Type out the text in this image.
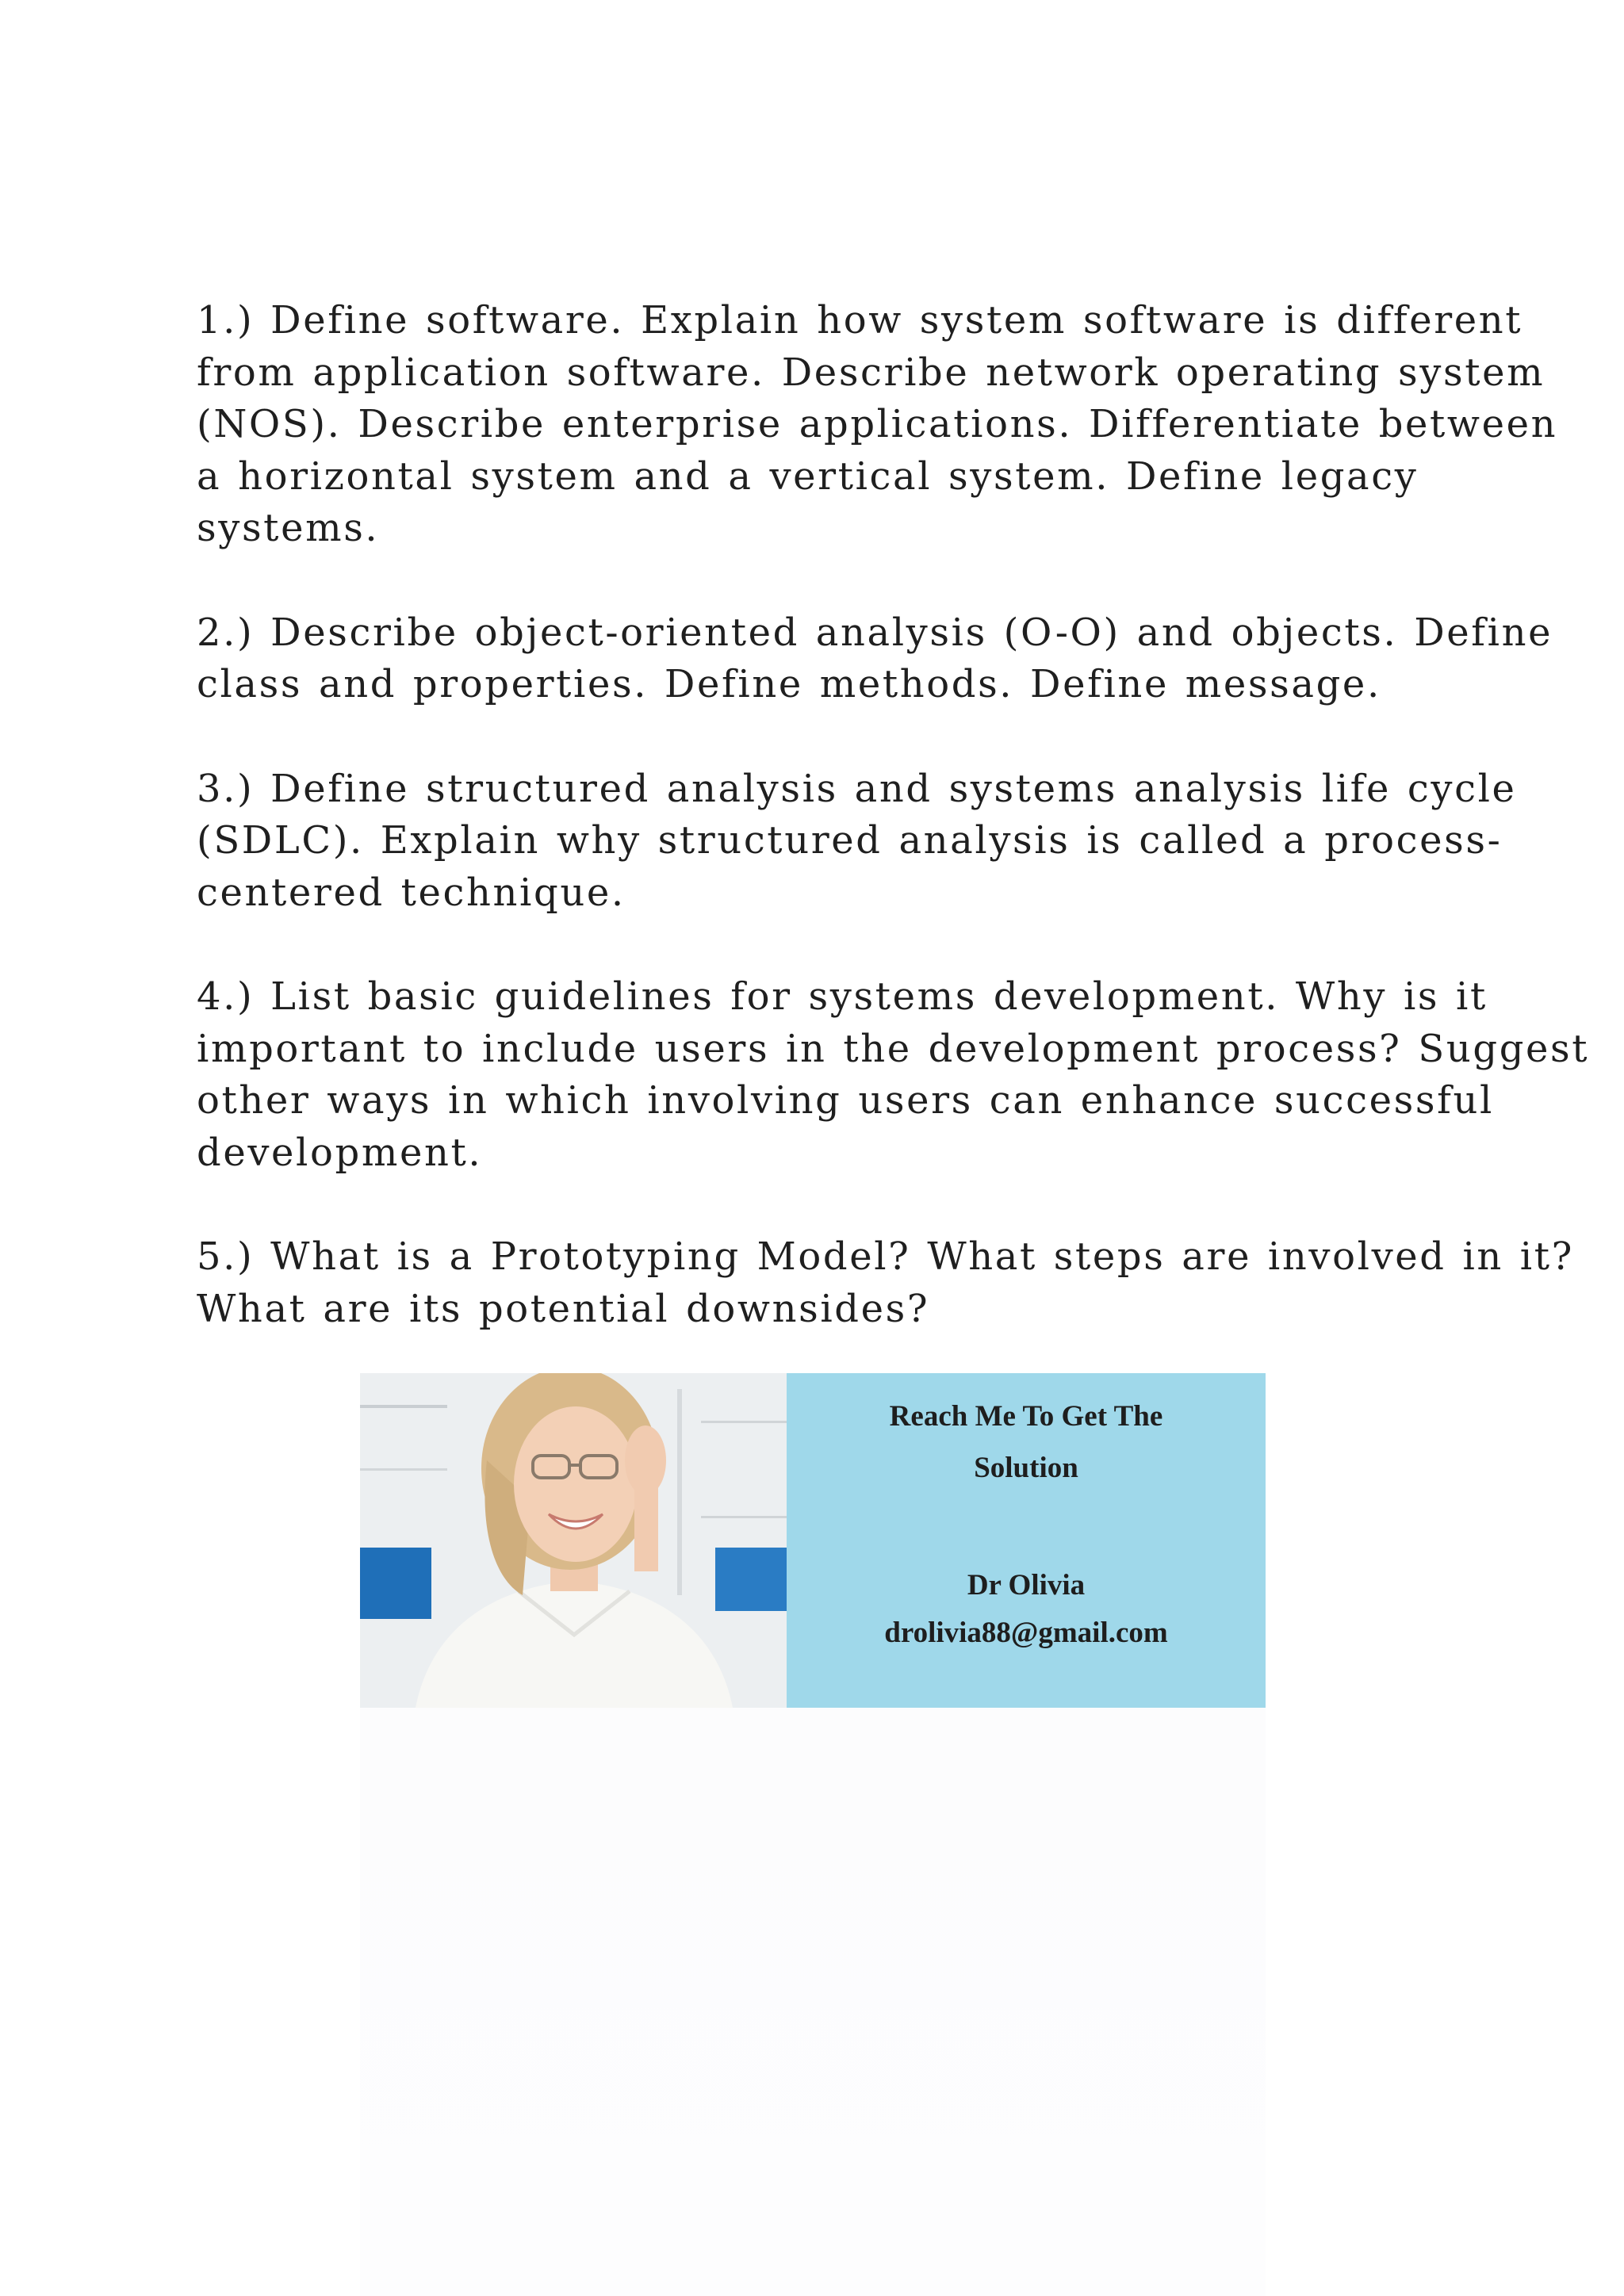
1.) Define software. Explain how system software is different
from application software. Describe network operating system
(NOS). Describe enterprise applications. Differentiate between
a horizontal system and a vertical system. Define legacy
systems.

2.) Describe object-oriented analysis (O-O) and objects. Define
class and properties. Define methods. Define message.

3.) Define structured analysis and systems analysis life cycle
(SDLC). Explain why structured analysis is called a process-
centered technique.

4.) List basic guidelines for systems development. Why is it
important to include users in the development process? Suggest
other ways in which involving users can enhance successful
development.

5.) What is a Prototyping Model? What steps are involved in it?
What are its potential downsides?

Reach Me To Get The
Solution
Dr Olivia
drolivia88@gmail.com
